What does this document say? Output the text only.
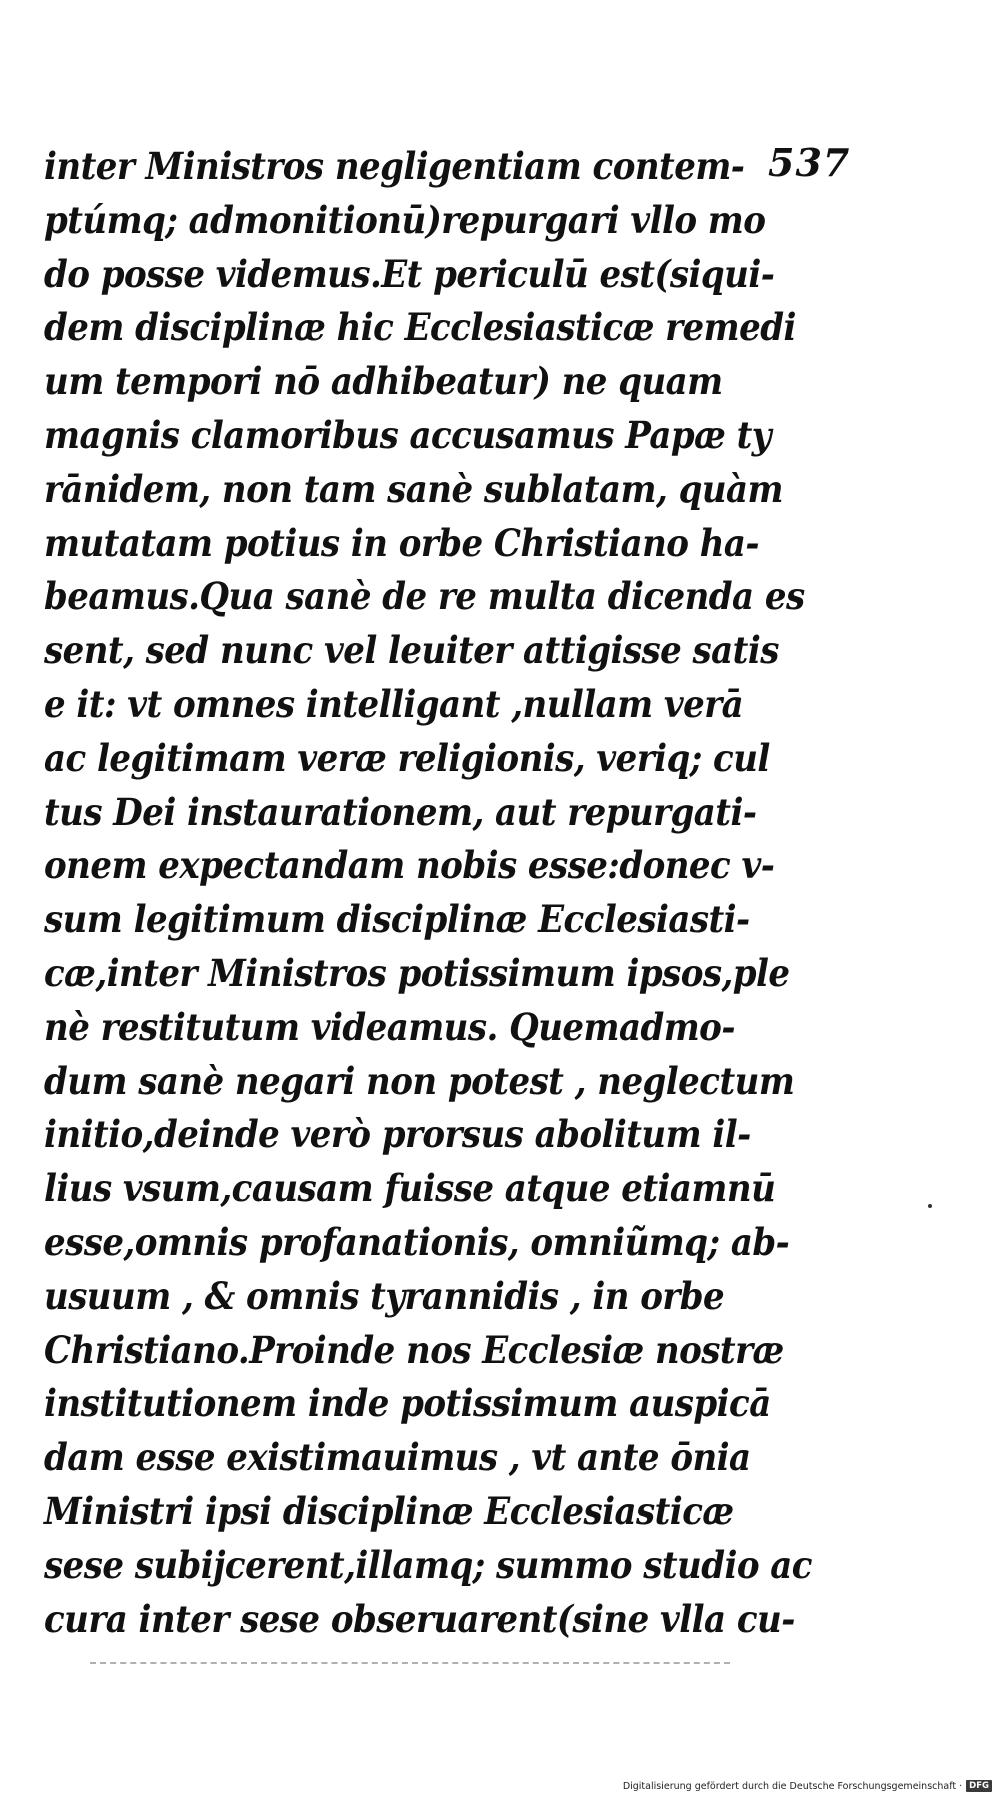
537
inter Ministros negligentiam contem-
ptúmq; admonitionū)repurgari vllo mo
do posse videmus.Et periculū est(siqui-
dem disciplinæ hic Ecclesiasticæ remedi
um tempori nō adhibeatur) ne quam
magnis clamoribus accusamus Papæ ty
rānidem, non tam sanè sublatam, quàm
mutatam potius in orbe Christiano ha-
beamus.Qua sanè de re multa dicenda es
sent, sed nunc vel leuiter attigisse satis
e it: vt omnes intelligant ,nullam verā
ac legitimam veræ religionis, veriq; cul
tus Dei instaurationem, aut repurgati-
onem expectandam nobis esse:donec v-
sum legitimum disciplinæ Ecclesiasti-
cæ,inter Ministros potissimum ipsos,ple
nè restitutum videamus. Quemadmo-
dum sanè negari non potest , neglectum
initio,deinde verò prorsus abolitum il-
lius vsum,causam fuisse atque etiamnū
esse,omnis profanationis, omniũmq; ab-
usuum , & omnis tyrannidis , in orbe
Christiano.Proinde nos Ecclesiæ nostræ
institutionem inde potissimum auspicā
dam esse existimauimus , vt ante ōnia
Ministri ipsi disciplinæ Ecclesiasticæ
sese subijcerent,illamq; summo studio ac
cura inter sese obseruarent(sine vlla cu-
Digitalisierung gefördert durch die Deutsche Forschungsgemeinschaft · DFG
